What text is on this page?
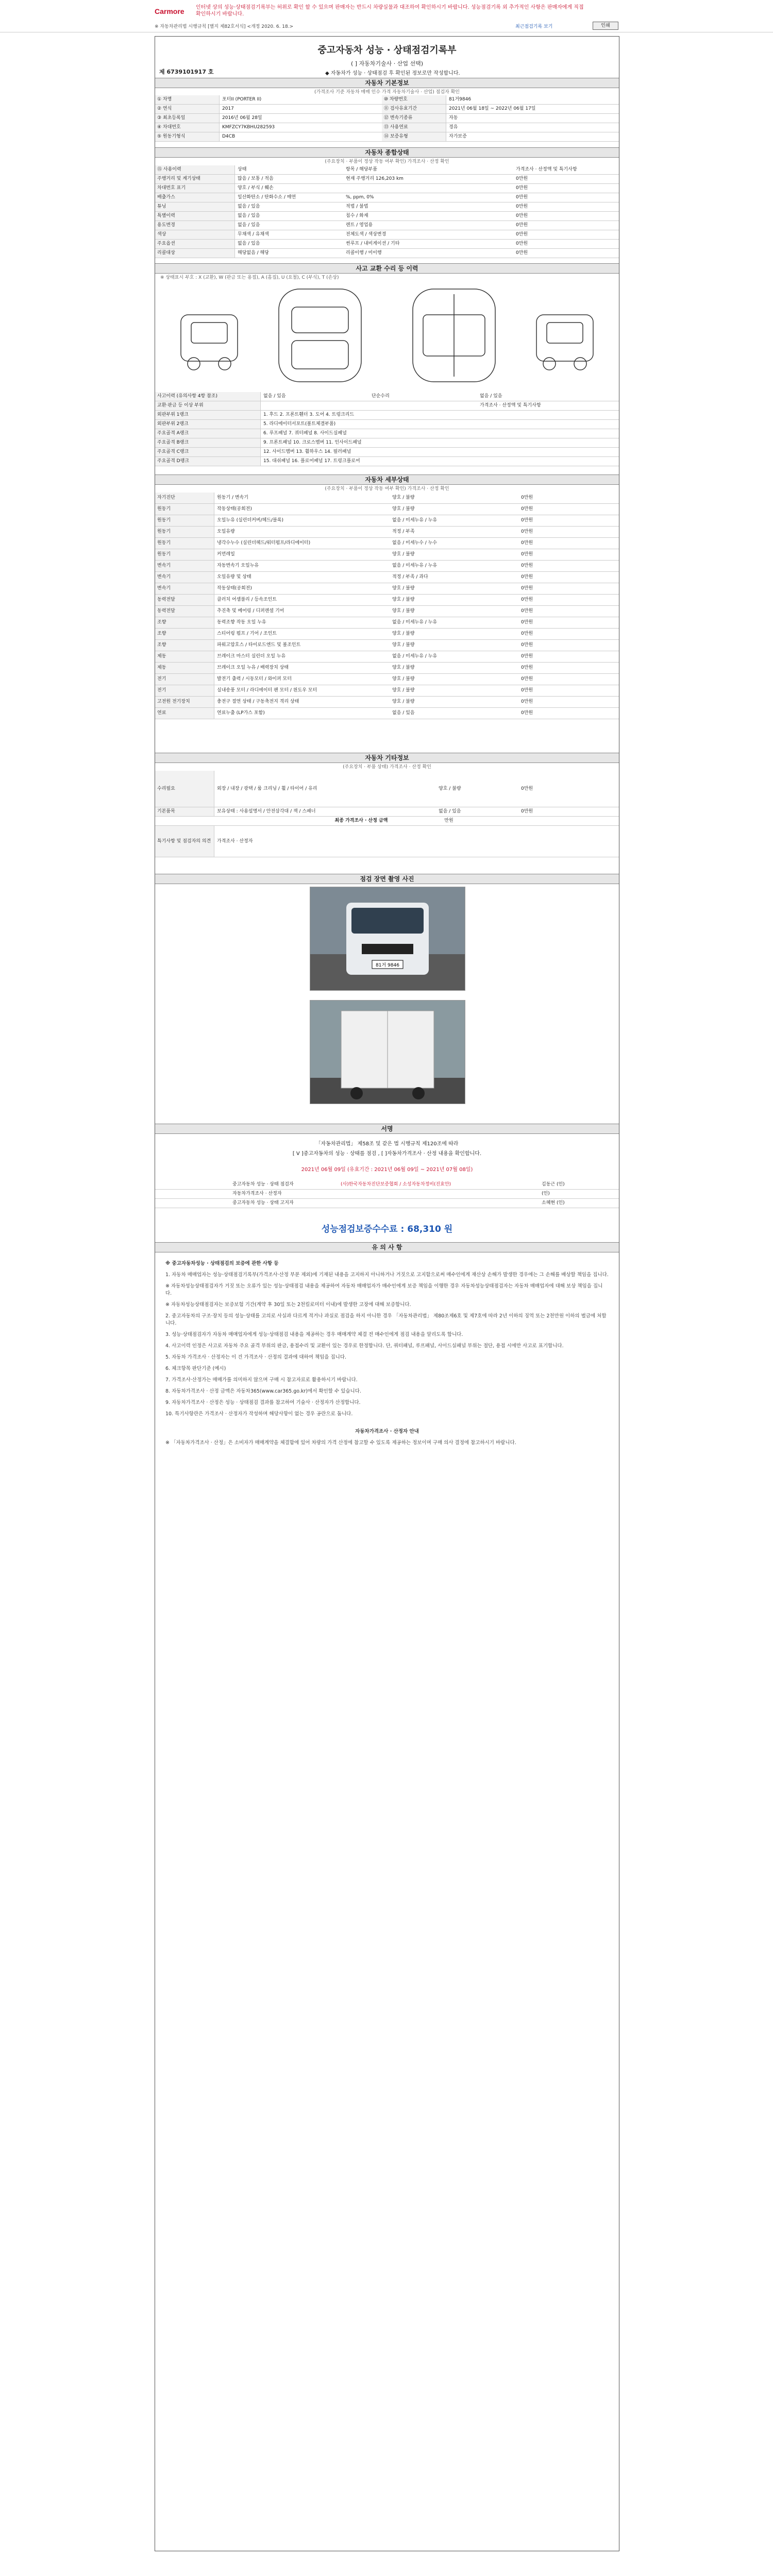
Carmore 인터넷 상의 성능·상태점검기록부는 허위로 확인 할 수 있으며 판매자는 반드시 차량실물과 대조하여 확인하시기 바랍니다. 성능점검기록 외 추가적인 사항은 판매자에게 직접 확인하시기 바랍니다.
※ 자동차관리법 시행규칙 [별지 제82호서식] <개정 2020. 6. 18.>	최근점검기록 보기	인쇄
중고자동차 성능 · 상태점검기록부
( ] 자동차기술사 · 산업 선택)
제 6739101917 호	◆ 자동차가 성능 · 상태점검 후 확인된 정보로만 작성합니다.
자동차 기본정보
(가격조사 기준 자동차 매매 인수 가격 자동차기술사 · 산업) 점검자 확인
① 차명	포터II (PORTER II)	⑩ 차량번호	81거9846
② 연식	2017	⑪ 검사유효기간	2021년 06월 18일 ~ 2022년 06월 17일
③ 최초등록일	2016년 06월 28일	⑫ 변속기종류	자동
④ 차대번호	KMFZCY7KBHU282593	⑬ 사용연료	경유
⑤ 원동기형식	D4CB	⑭ 보증유형	자가보증
자동차 종합상태
(주요장치 · 부품이 정상 작동 여부 확인) 가격조사 · 산정 확인
⑮ 사용이력	상태	항목 / 해당부품	가격조사 · 산정액 및 특기사항
주행거리 및 계기상태	많음 / 보통 / 적음	현재 주행거리 126,203 km	0만원
차대번호 표기	양호 / 부식 / 훼손	0만원
배출가스	일산화탄소 / 탄화수소 / 매연	%, ppm, 0%	0만원
튜닝	없음 / 있음	적법 / 불법	0만원
특별이력	없음 / 있음	침수 / 화재	0만원
용도변경	없음 / 있음	렌트 / 영업용	0만원
색상	무채색 / 유채색	전체도색 / 색상변경	0만원
주요옵션	없음 / 있음	썬루프 / 내비게이션 / 기타	0만원
리콜대상	해당없음 / 해당	리콜이행 / 미이행	0만원
사고 교환 수리 등 이력
※ 상태표시 부호 : X (교환), W (판금 또는 용접), A (흠집), U (요철), C (부식), T (손상)
사고이력 (유의사항 4항 참조)	없음 / 있음	단순수리	없음 / 있음
교환·판금 등 이상 부위	가격조사 · 산정액 및 특기사항
외판부위 1랭크	1. 후드 2. 프론트휀더 3. 도어 4. 트렁크리드
외판부위 2랭크	5. 라디에이터서포트(볼트체결부품)
주요골격 A랭크	6. 루프패널 7. 쿼터패널 8. 사이드실패널
주요골격 B랭크	9. 프론트패널 10. 크로스멤버 11. 인사이드패널
주요골격 C랭크	12. 사이드멤버 13. 휠하우스 14. 필러패널
주요골격 D랭크	15. 대쉬패널 16. 플로어패널 17. 트렁크플로어
자동차 세부상태
(주요장치 · 부품이 정상 작동 여부 확인) 가격조사 · 산정 확인
자기진단	원동기 / 변속기	양호 / 불량	0만원
원동기	작동상태(공회전)	양호 / 불량	0만원
원동기	오일누유 (실린더커버/헤드/블록)	없음 / 미세누유 / 누유	0만원
원동기	오일유량	적정 / 부족	0만원
원동기	냉각수누수 (실린더헤드/워터펌프/라디에이터)	없음 / 미세누수 / 누수	0만원
원동기	커먼레일	양호 / 불량	0만원
변속기	자동변속기 오일누유	없음 / 미세누유 / 누유	0만원
변속기	오일유량 및 상태	적정 / 부족 / 과다	0만원
변속기	작동상태(공회전)	양호 / 불량	0만원
동력전달	클러치 어셈블리 / 등속조인트	양호 / 불량	0만원
동력전달	추진축 및 베어링 / 디퍼렌셜 기어	양호 / 불량	0만원
조향	동력조향 작동 오일 누유	없음 / 미세누유 / 누유	0만원
조향	스티어링 펌프 / 기어 / 조인트	양호 / 불량	0만원
조향	파워고압호스 / 타이로드엔드 및 볼조인트	양호 / 불량	0만원
제동	브레이크 마스터 실린더 오일 누유	없음 / 미세누유 / 누유	0만원
제동	브레이크 오일 누유 / 배력장치 상태	양호 / 불량	0만원
전기	발전기 출력 / 시동모터 / 와이퍼 모터	양호 / 불량	0만원
전기	실내송풍 모터 / 라디에이터 팬 모터 / 윈도우 모터	양호 / 불량	0만원
고전원 전기장치	충전구 절연 상태 / 구동축전지 격리 상태	양호 / 불량	0만원
연료	연료누출 (LP가스 포함)	없음 / 있음	0만원
자동차 기타정보
(주요장치 · 부품 상태) 가격조사 · 산정 확인
수리필요	외장 / 내장 / 광택 / 룸 크리닝 / 휠 / 타이어 / 유리	양호 / 불량	0만원
기본품목	보유상태 : 사용설명서 / 안전삼각대 / 잭 / 스패너	없음 / 있음	0만원
최종 가격조사 · 산정 금액	만원
특기사항 및 점검자의 의견	가격조사 · 산정자
점검 장면 촬영 사진
81거 9846
서명
「자동차관리법」 제58조 및 같은 법 시행규칙 제120조에 따라
[ V ]중고자동차의 성능 · 상태를 점검 , [ ]자동차가격조사 · 산정 내용을 확인합니다.
2021년 06월 09일 (유효기간 : 2021년 06월 09일 ~ 2021년 07월 08일)
중고자동차 성능 · 상태 점검자	(사)한국자동차진단보증협회 / 소성자동차정비(진효안)	김동근 (인)
자동차가격조사 · 산정자	(인)
중고자동차 성능 · 상태 고지자	소혜현 (인)
성능점검보증수수료 : 68,310 원
유 의 사 항

※ 중고자동차성능 · 상태점검의 보증에 관한 사항 등

1. 자동차 매매업자는 성능·상태점검기록부(가격조사·산정 부분 제외)에 기재된 내용을 고지하지 아니하거나 거짓으로 고지함으로써 매수인에게 재산상 손해가 발생한 경우에는 그 손해를 배상할 책임을 집니다.

※ 자동차성능상태점검자가 거짓 또는 오류가 있는 성능·상태점검 내용을 제공하여 자동차 매매업자가 매수인에게 보증 책임을 이행한 경우 자동차성능상태점검자는 자동차 매매업자에 대해 보상 책임을 집니다.

※ 자동차성능상태점검자는 보증보험 기간(계약 후 30일 또는 2천킬로미터 이내)에 발생한 고장에 대해 보증합니다.

2. 중고자동차의 구조·장치 등의 성능·상태를 고의로 사실과 다르게 적거나 과실로 점검을 하지 아니한 경우 「자동차관리법」 제80조제6호 및 제7호에 따라 2년 이하의 징역 또는 2천만원 이하의 벌금에 처합니다.

3. 성능·상태점검자가 자동차 매매업자에게 성능·상태점검 내용을 제공하는 경우 매매계약 체결 전 매수인에게 점검 내용을 알리도록 합니다.

4. 사고이력 인정은 사고로 자동차 주요 골격 부위의 판금, 용접수리 및 교환이 있는 경우로 한정합니다. 단, 쿼터패널, 루프패널, 사이드실패널 부위는 절단, 용접 시에만 사고로 표기합니다.

5. 자동차 가격조사 · 산정자는 이 건 가격조사 · 산정의 결과에 대하여 책임을 집니다.

6. 체크항목 판단기준 (예시)

7. 가격조사·산정가는 매매가를 의미하지 않으며 구매 시 참고자료로 활용하시기 바랍니다.

8. 자동차가격조사 · 산정 금액은 자동차365(www.car365.go.kr)에서 확인할 수 있습니다.

9. 자동차가격조사 · 산정은 성능 · 상태점검 결과를 참고하여 기술사 · 산정자가 산정합니다.

10. 특기사항란은 가격조사 · 산정자가 작성하며 해당사항이 없는 경우 공란으로 둡니다.

자동차가격조사 · 산정자 안내

※ 「자동차가격조사 · 산정」은 소비자가 매매계약을 체결함에 있어 차량의 가격 산정에 참고할 수 있도록 제공하는 정보이며 구매 의사 결정에 참고하시기 바랍니다.
